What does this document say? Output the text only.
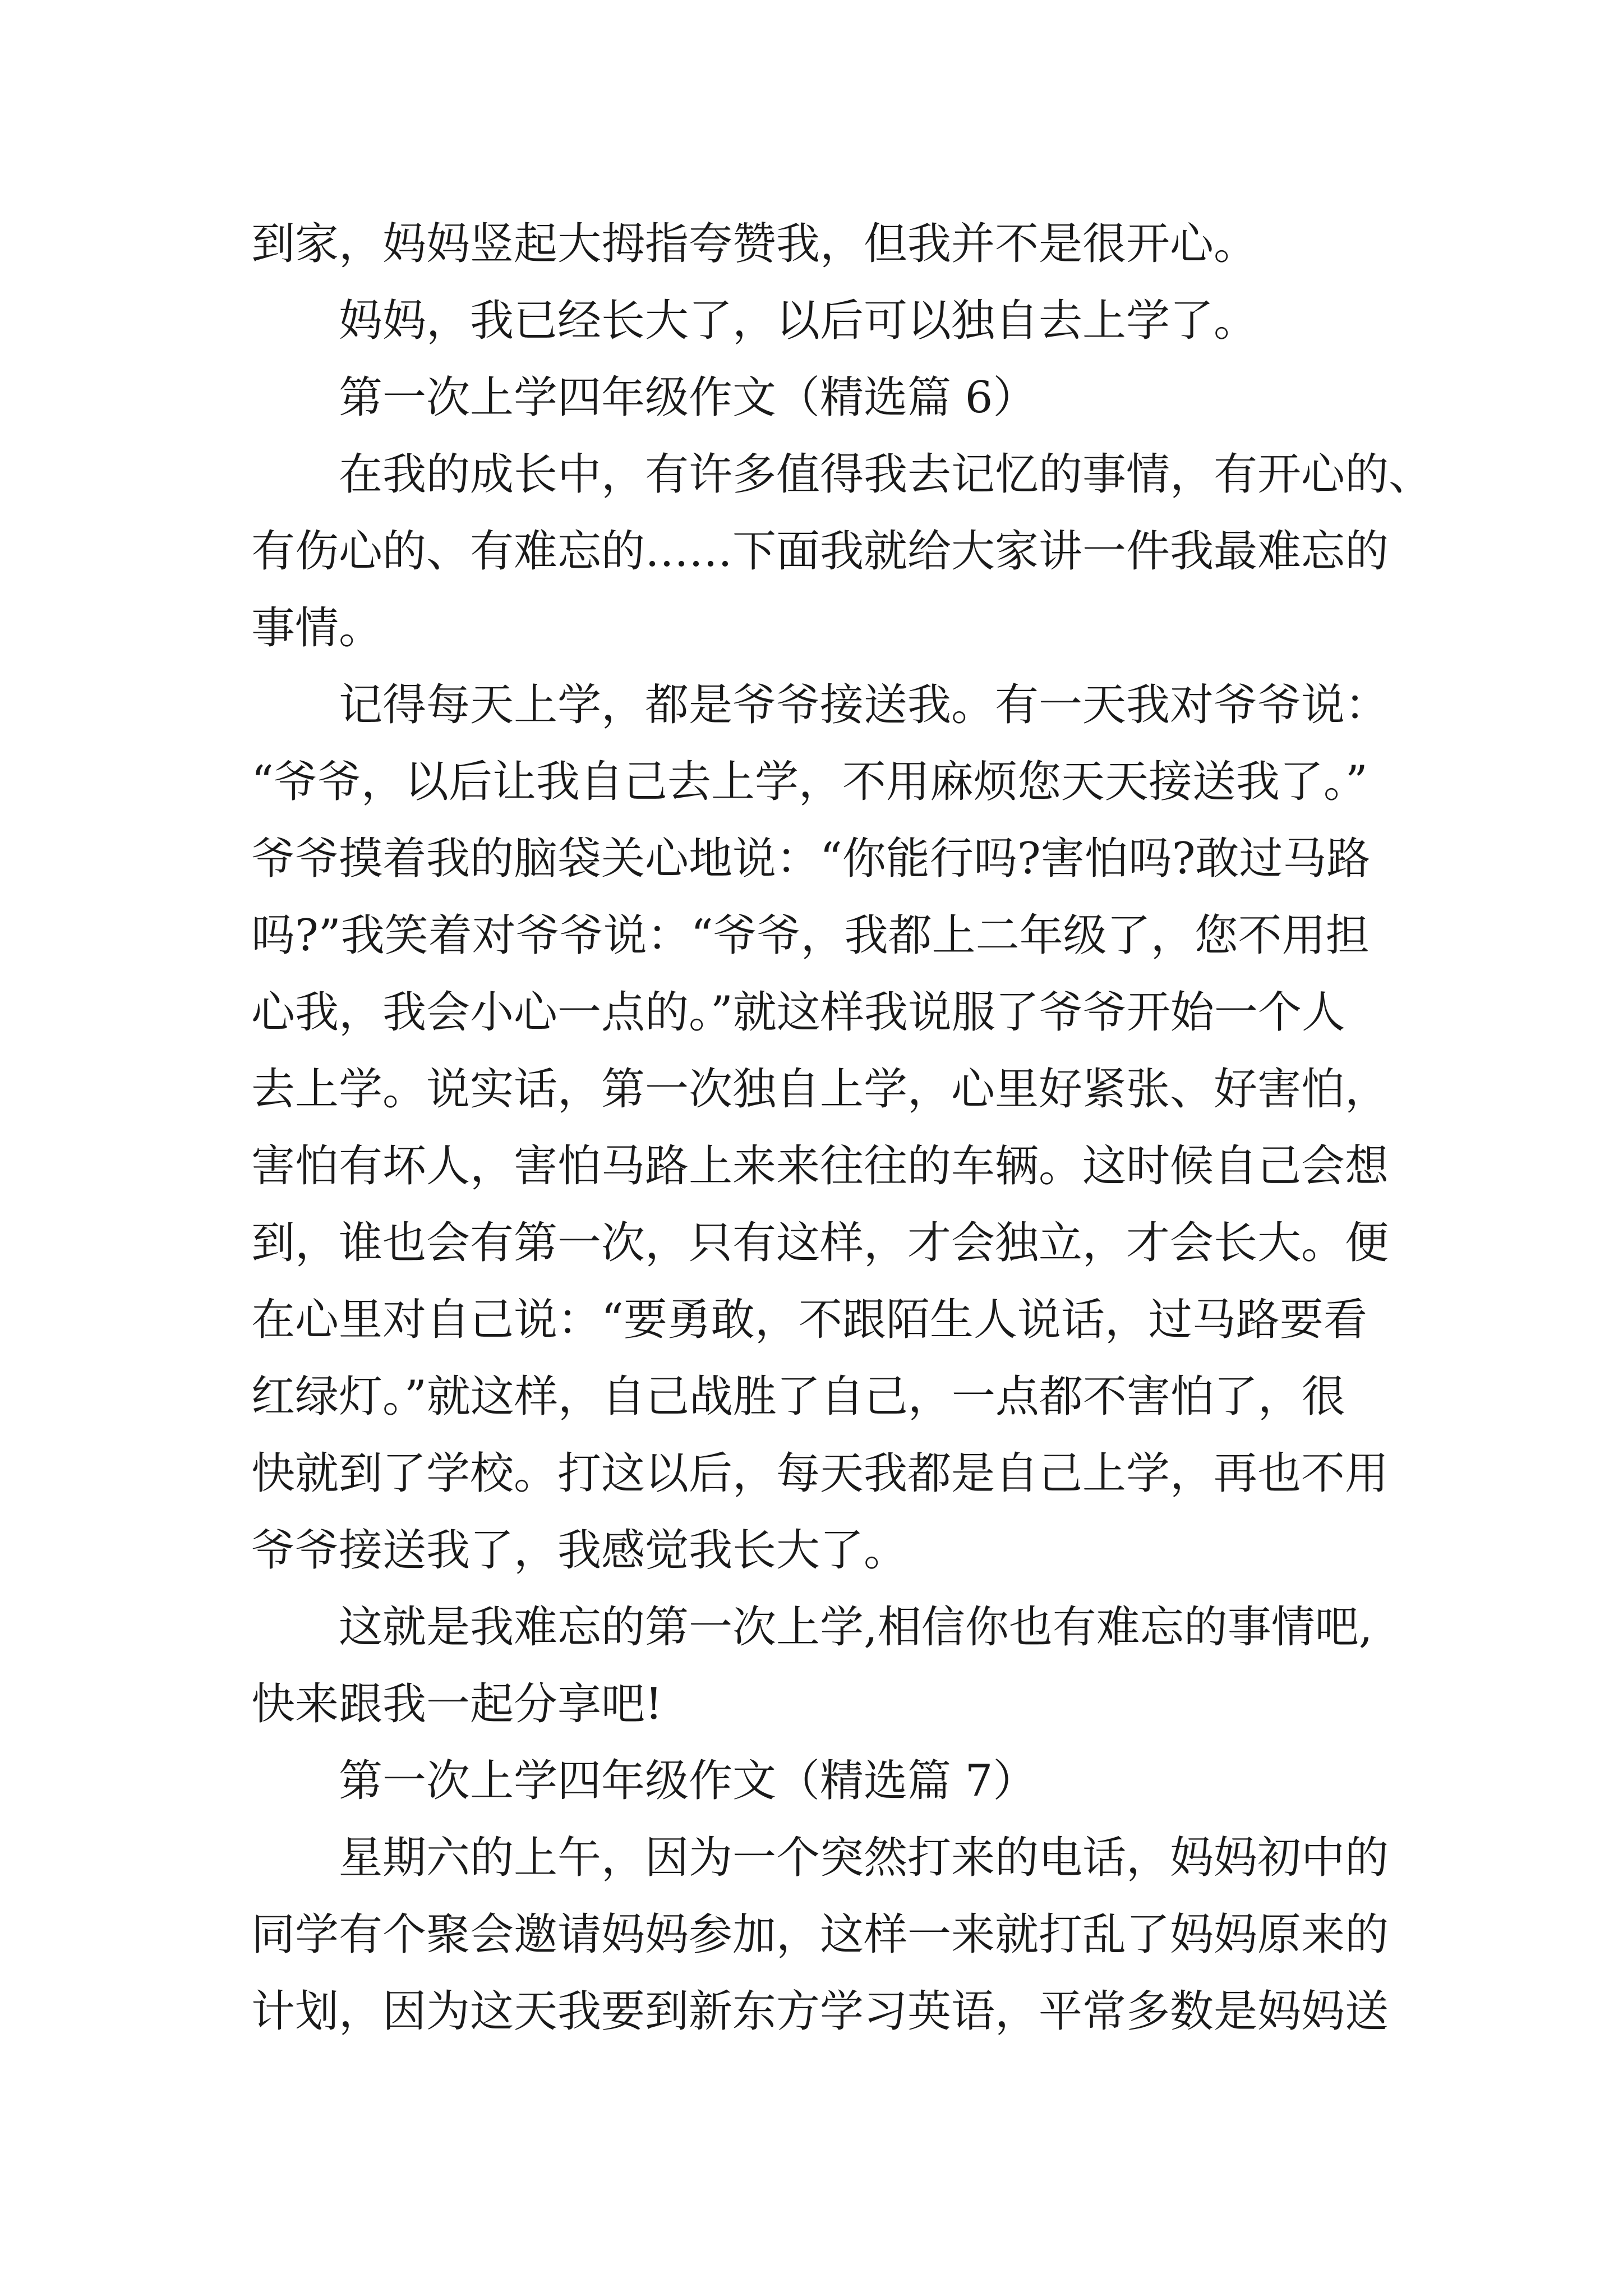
到家，妈妈竖起大拇指夸赞我，但我并不是很开心。

妈妈，我已经长大了，以后可以独自去上学了。

第一次上学四年级作文（精选篇 6）

在我的成长中，有许多值得我去记忆的事情，有开心的、

有伤心的、有难忘的……下面我就给大家讲一件我最难忘的

事情。

记得每天上学，都是爷爷接送我。有一天我对爷爷说：

“爷爷，以后让我自己去上学，不用麻烦您天天接送我了。”

爷爷摸着我的脑袋关心地说：“你能行吗?害怕吗?敢过马路

吗?”我笑着对爷爷说：“爷爷，我都上二年级了，您不用担

心我，我会小心一点的。”就这样我说服了爷爷开始一个人

去上学。说实话，第一次独自上学，心里好紧张、好害怕，

害怕有坏人，害怕马路上来来往往的车辆。这时候自己会想

到，谁也会有第一次，只有这样，才会独立，才会长大。便

在心里对自己说：“要勇敢，不跟陌生人说话，过马路要看

红绿灯。”就这样，自己战胜了自己，一点都不害怕了，很

快就到了学校。打这以后，每天我都是自己上学，再也不用

爷爷接送我了，我感觉我长大了。

这就是我难忘的第一次上学,相信你也有难忘的事情吧,

快来跟我一起分享吧!

第一次上学四年级作文（精选篇 7）

星期六的上午，因为一个突然打来的电话，妈妈初中的

同学有个聚会邀请妈妈参加，这样一来就打乱了妈妈原来的

计划，因为这天我要到新东方学习英语，平常多数是妈妈送
